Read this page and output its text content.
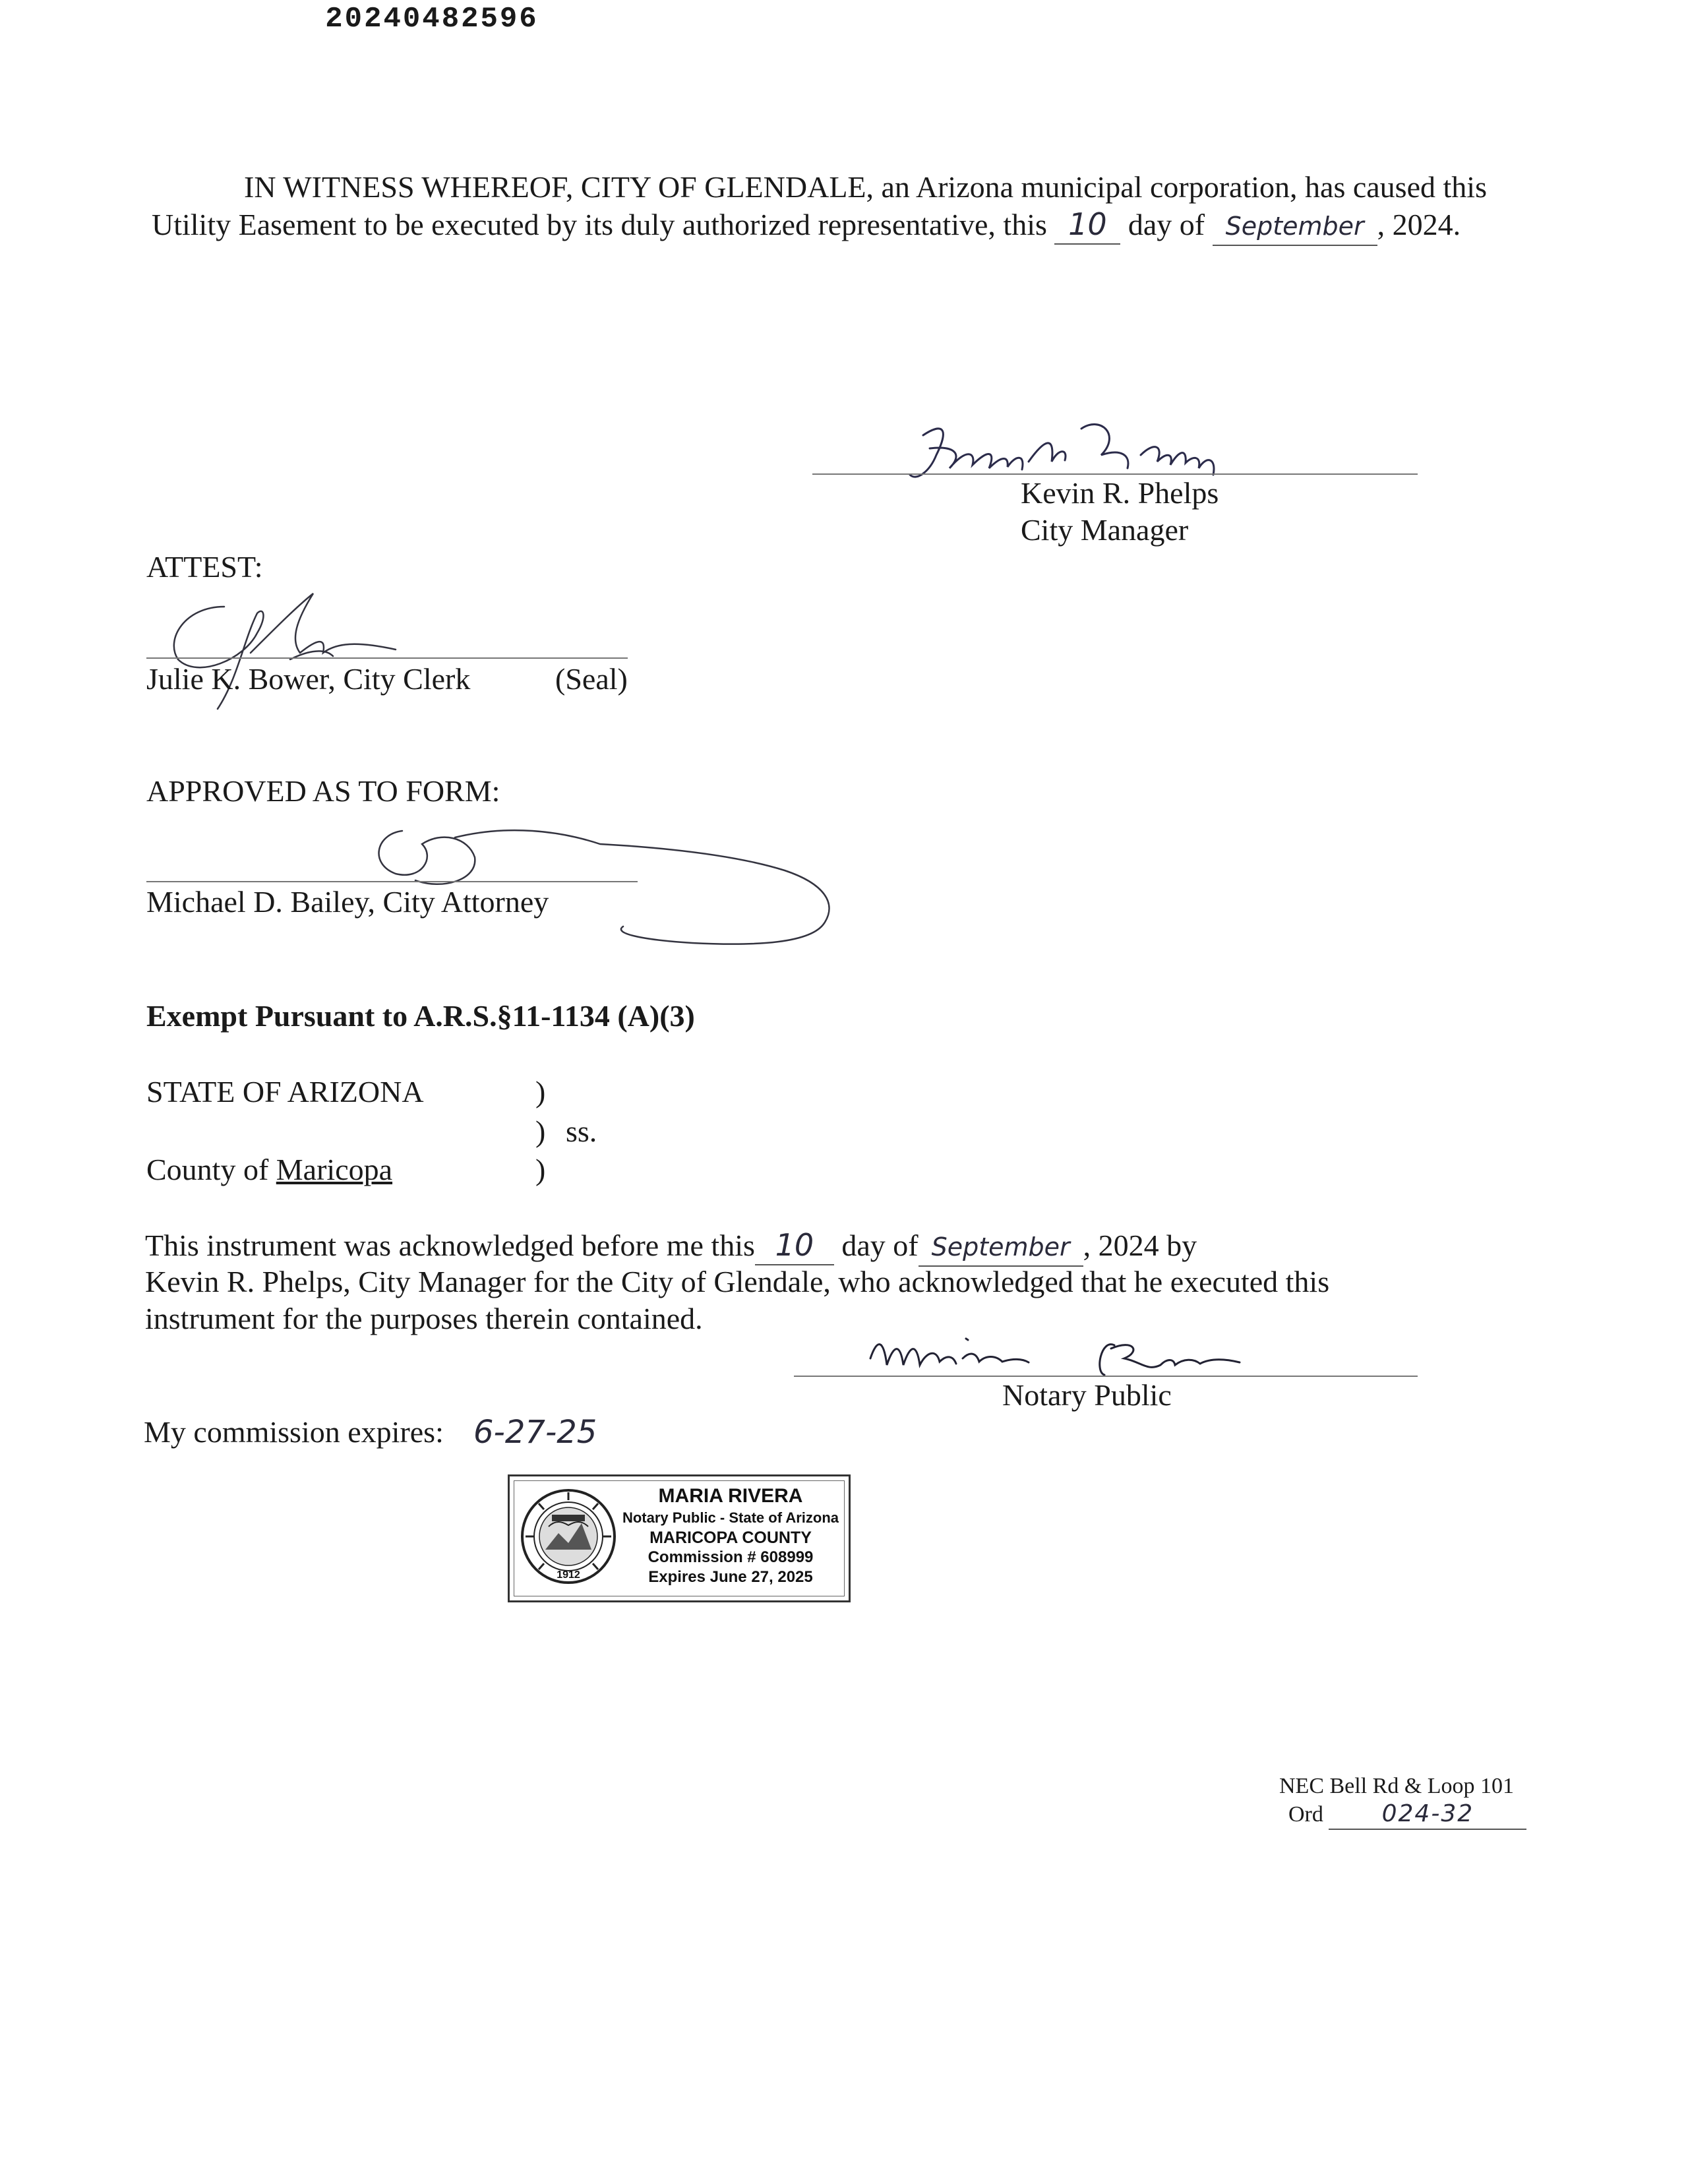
20240482596
IN WITNESS WHEREOF, CITY OF GLENDALE, an Arizona municipal corporation, has caused this Utility Easement to be executed by its duly authorized representative, this 10 day of September , 2024.
Kevin R. Phelps
City Manager
ATTEST:
Julie K. Bower, City Clerk	(Seal)
APPROVED AS TO FORM:
Michael D. Bailey, City Attorney
Exempt Pursuant to A.R.S.§11-1134 (A)(3)
STATE OF ARIZONA	)
) ss.
County of Maricopa	)
This instrument was acknowledged before me this 10 day of September , 2024 by
Kevin R. Phelps, City Manager for the City of Glendale, who acknowledged that he executed this
instrument for the purposes therein contained.
Notary Public
My commission expires: 6-27-25
1912
MARIA RIVERA
Notary Public - State of Arizona
MARICOPA COUNTY
Commission # 608999
Expires June 27, 2025
NEC Bell Rd & Loop 101
Ord 024-32
